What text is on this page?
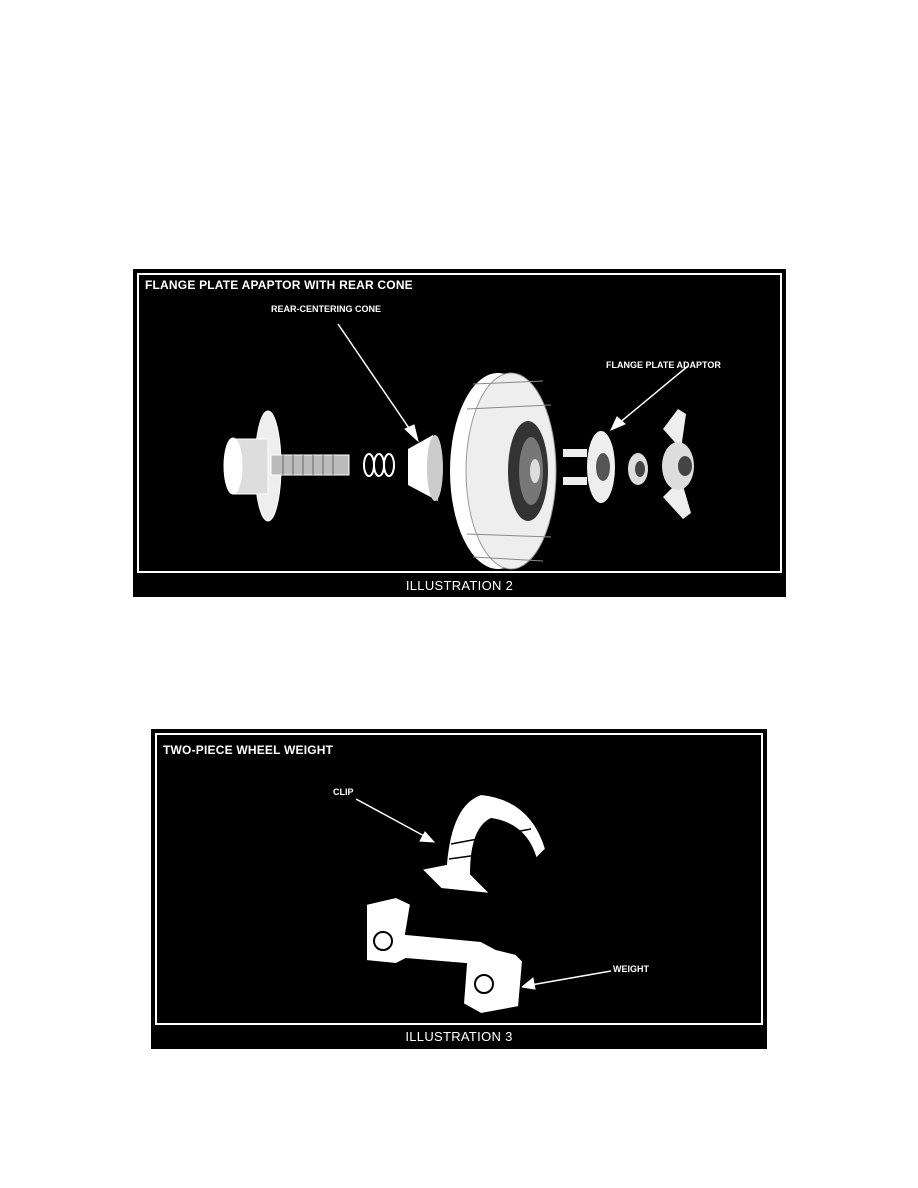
FLANGE PLATE APAPTOR WITH REAR CONE
REAR-CENTERING CONE
FLANGE PLATE ADAPTOR
ILLUSTRATION 2
TWO-PIECE WHEEL WEIGHT
CLIP
WEIGHT
ILLUSTRATION 3
